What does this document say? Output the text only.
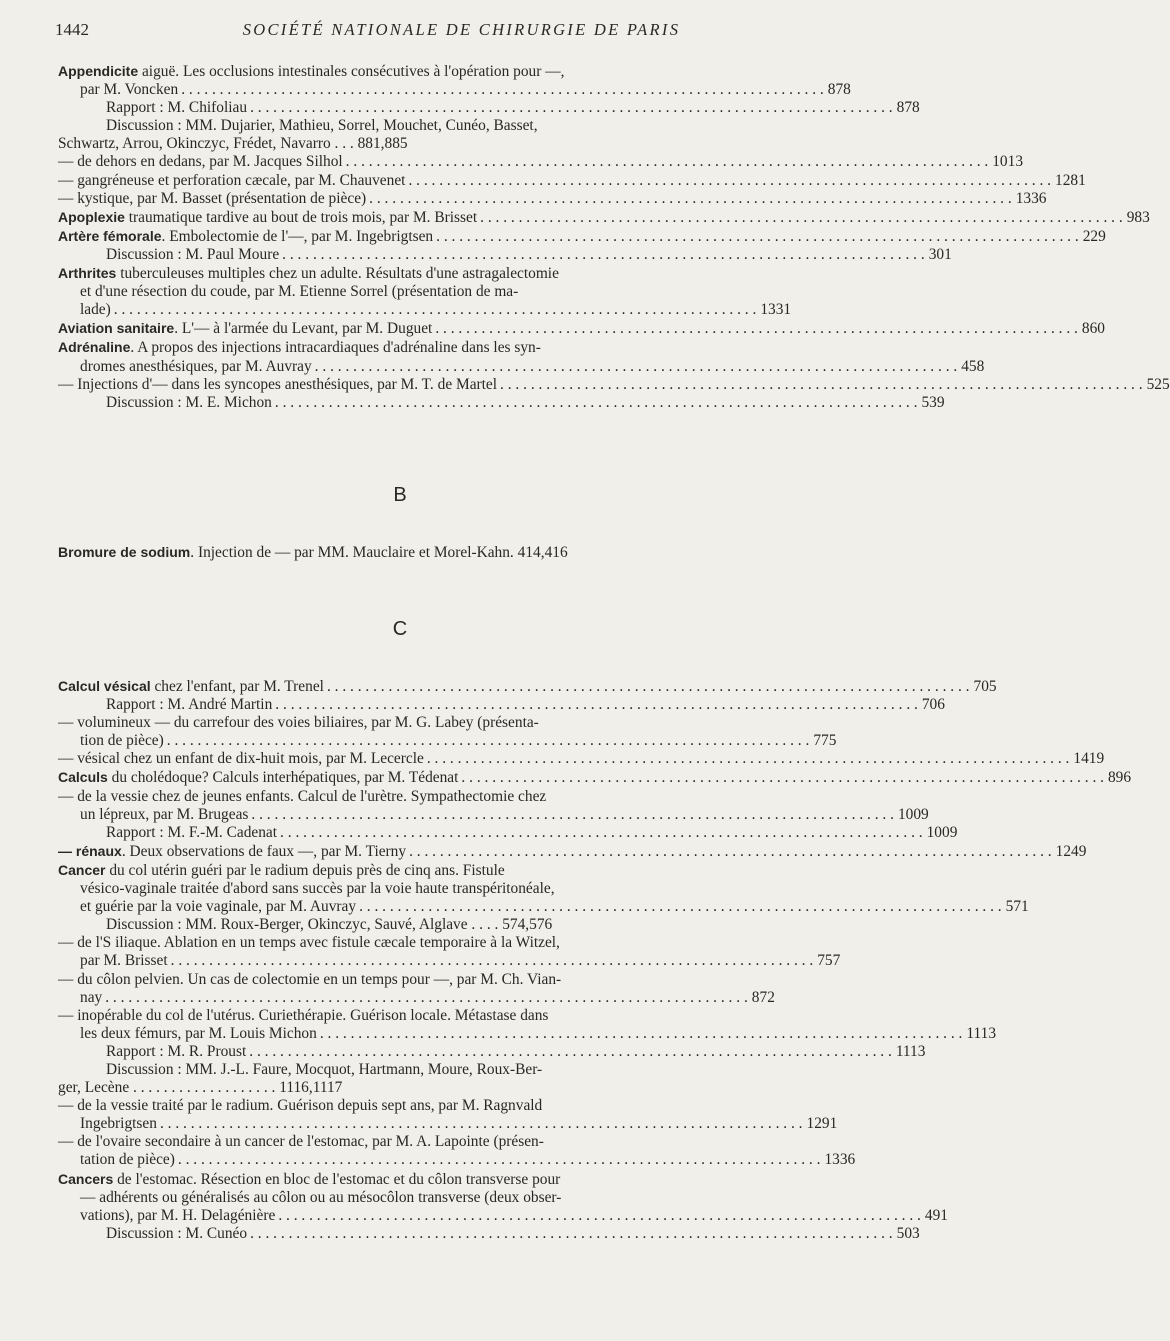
1442	SOCIÉTÉ NATIONALE DE CHIRURGIE DE PARIS
Appendicite aiguë. Les occlusions intestinales consécutives à l'opération pour —,
par M. Voncken . . .	878
Rapport : M. Chifoliau . . .	878
Discussion : MM. Dujarier, Mathieu, Sorrel, Mouchet, Cunéo, Basset,
Schwartz, Arrou, Okinczyc, Frédet, Navarro . . . 881,885
— de dehors en dedans, par M. Jacques Silhol . . .	1013
— gangréneuse et perforation cæcale, par M. Chauvenet . . .	1281
— kystique, par M. Basset (présentation de pièce) . . .	1336
Apoplexie traumatique tardive au bout de trois mois, par M. Brisset . . .	983
Artère fémorale. Embolectomie de l'—, par M. Ingebrigtsen . . .	229
Discussion : M. Paul Moure . . .	301
Arthrites tuberculeuses multiples chez un adulte. Résultats d'une astragalectomie
et d'une résection du coude, par M. Etienne Sorrel (présentation de ma-
lade) . . .	1331
Aviation sanitaire. L'— à l'armée du Levant, par M. Duguet . . .	860
Adrénaline. A propos des injections intracardiaques d'adrénaline dans les syn-
dromes anesthésiques, par M. Auvray . . .	458
— Injections d'— dans les syncopes anesthésiques, par M. T. de Martel . . .	525
Discussion : M. E. Michon . . .	539
B
Bromure de sodium. Injection de — par MM. Mauclaire et Morel-Kahn. 414,416
C
Calcul vésical chez l'enfant, par M. Trenel . . .	705
Rapport : M. André Martin . . .	706
— volumineux — du carrefour des voies biliaires, par M. G. Labey (présenta-
tion de pièce) . . .	775
— vésical chez un enfant de dix-huit mois, par M. Lecercle . . .	1419
Calculs du cholédoque? Calculs interhépatiques, par M. Tédenat . . .	896
— de la vessie chez de jeunes enfants. Calcul de l'urètre. Sympathectomie chez
un lépreux, par M. Brugeas . . .	1009
Rapport : M. F.-M. Cadenat . . .	1009
— rénaux. Deux observations de faux —, par M. Tierny . . .	1249
Cancer du col utérin guéri par le radium depuis près de cinq ans. Fistule
vésico-vaginale traitée d'abord sans succès par la voie haute transpéritonéale,
et guérie par la voie vaginale, par M. Auvray . . .	571
Discussion : MM. Roux-Berger, Okinczyc, Sauvé, Alglave . . . . 574,576
— de l'S iliaque. Ablation en un temps avec fistule cæcale temporaire à la Witzel,
par M. Brisset . . .	757
— du côlon pelvien. Un cas de colectomie en un temps pour —, par M. Ch. Vian-
nay . . .	872
— inopérable du col de l'utérus. Curiethérapie. Guérison locale. Métastase dans
les deux fémurs, par M. Louis Michon . . .	1113
Rapport : M. R. Proust . . .	1113
Discussion : MM. J.-L. Faure, Mocquot, Hartmann, Moure, Roux-Ber-
ger, Lecène . . . . . . . . . . . . . . . . . . . 1116,1117
— de la vessie traité par le radium. Guérison depuis sept ans, par M. Ragnvald
Ingebrigtsen . . .	1291
— de l'ovaire secondaire à un cancer de l'estomac, par M. A. Lapointe (présen-
tation de pièce) . . .	1336
Cancers de l'estomac. Résection en bloc de l'estomac et du côlon transverse pour
— adhérents ou généralisés au côlon ou au mésocôlon transverse (deux obser-
vations), par M. H. Delagénière . . .	491
Discussion : M. Cunéo . . .	503
